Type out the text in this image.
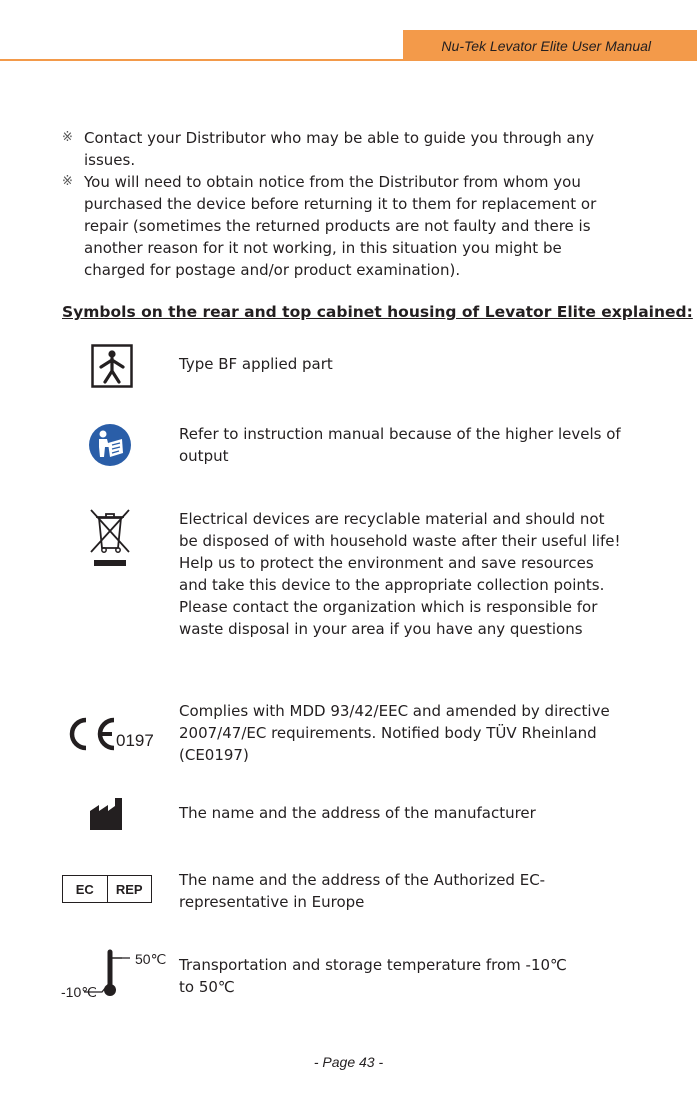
Nu-Tek Levator Elite User Manual
※ Contact your Distributor who may be able to guide you through any issues.
※ You will need to obtain notice from the Distributor from whom you purchased the device before returning it to them for replacement or repair (sometimes the returned products are not faulty and there is another reason for it not working, in this situation you might be charged for postage and/or product examination).
Symbols on the rear and top cabinet housing of Levator Elite explained:
Type BF applied part
Refer to instruction manual because of the higher levels of output
Electrical devices are recyclable material and should not be disposed of with household waste after their useful life! Help us to protect the environment and save resources and take this device to the appropriate collection points. Please contact the organization which is responsible for waste disposal in your area if you have any questions
0197
Complies with MDD 93/42/EEC and amended by directive 2007/47/EC requirements. Notified body TÜV Rheinland (CE0197)
The name and the address of the manufacturer
EC	REP	The name and the address of the Authorized EC-representative in Europe
50℃
-10℃
Transportation and storage temperature from -10℃ to 50℃
- Page 43 -
